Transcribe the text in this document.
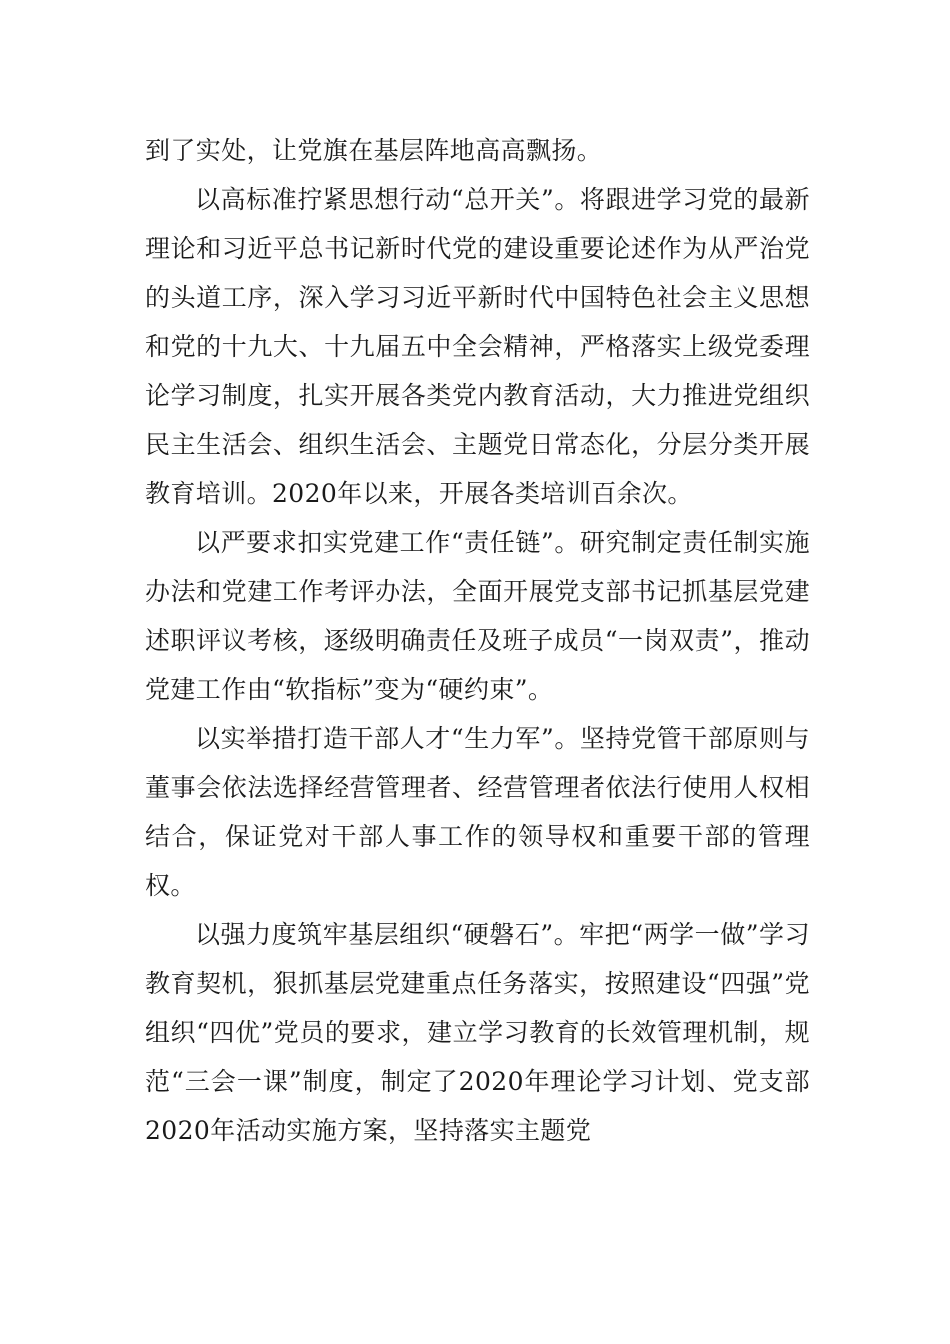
到了实处，让党旗在基层阵地高高飘扬。

以高标准拧紧思想行动“总开关”。将跟进学习党的最新理论和习近平总书记新时代党的建设重要论述作为从严治党的头道工序，深入学习习近平新时代中国特色社会主义思想和党的十九大、十九届五中全会精神，严格落实上级党委理论学习制度，扎实开展各类党内教育活动，大力推进党组织民主生活会、组织生活会、主题党日常态化，分层分类开展教育培训。2020年以来，开展各类培训百余次。

以严要求扣实党建工作“责任链”。研究制定责任制实施办法和党建工作考评办法，全面开展党支部书记抓基层党建述职评议考核，逐级明确责任及班子成员“一岗双责”，推动党建工作由“软指标”变为“硬约束”。

以实举措打造干部人才“生力军”。坚持党管干部原则与董事会依法选择经营管理者、经营管理者依法行使用人权相结合，保证党对干部人事工作的领导权和重要干部的管理权。

以强力度筑牢基层组织“硬磐石”。牢把“两学一做”学习教育契机，狠抓基层党建重点任务落实，按照建设“四强”党组织“四优”党员的要求，建立学习教育的长效管理机制，规范“三会一课”制度，制定了2020年理论学习计划、党支部2020年活动实施方案，坚持落实主题党
